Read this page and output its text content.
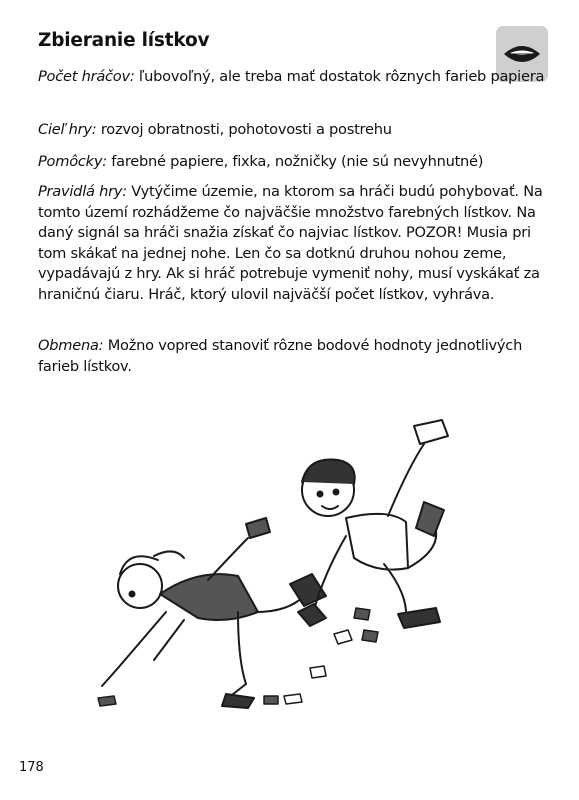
Zbieranie lístkov

Počet hráčov: ľubovoľný, ale treba mať dostatok rôznych farieb papiera

Cieľ hry: rozvoj obratnosti, pohotovosti a postrehu

Pomôcky: farebné papiere, fixka, nožničky (nie sú nevyhnutné)

Pravidlá hry: Vytýčime územie, na ktorom sa hráči budú pohybovať. Na tomto území rozhádžeme čo najväčšie množstvo farebných lístkov. Na daný signál sa hráči snažia získať čo najviac lístkov. POZOR! Musia pri tom skákať na jednej nohe. Len čo sa dotknú druhou nohou zeme, vypadávajú z hry. Ak si hráč potrebuje vymeniť nohy, musí vyskákať za hraničnú čiaru. Hráč, ktorý ulovil najväčší počet lístkov, vyhráva.

Obmena: Možno vopred stanoviť rôzne bodové hodnoty jednotlivých farieb lístkov.

178
